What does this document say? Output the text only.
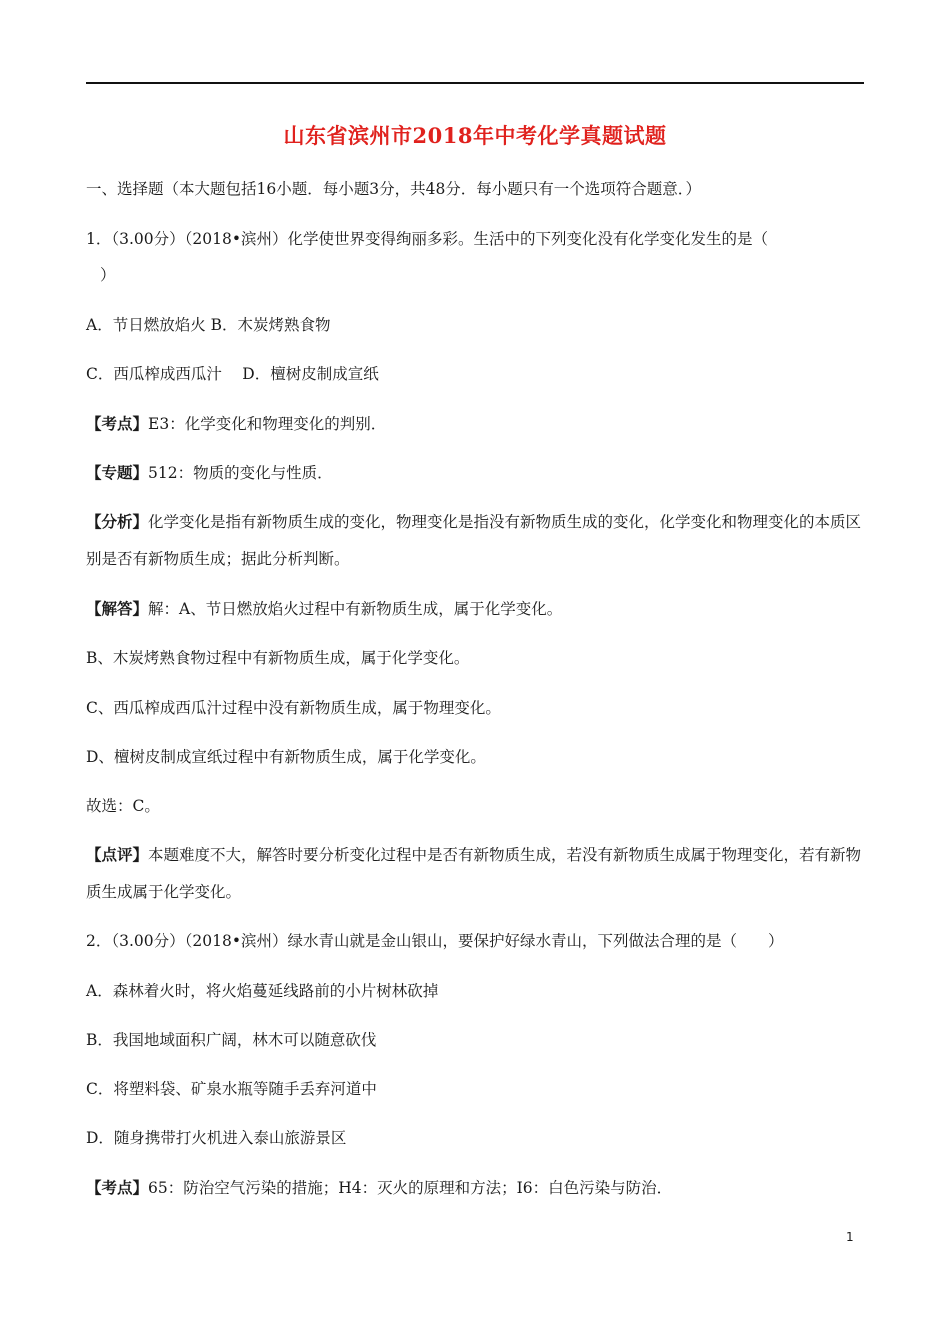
山东省滨州市2018年中考化学真题试题
一、选择题（本大题包括16小题．每小题3分，共48分．每小题只有一个选项符合题意．）
1．（3.00分）（2018•滨州）化学使世界变得绚丽多彩。生活中的下列变化没有化学变化发生的是（
）
A．节日燃放焰火 B．木炭烤熟食物
C．西瓜榨成西瓜汁　 D．檀树皮制成宣纸
【考点】E3：化学变化和物理变化的判别．
【专题】512：物质的变化与性质．
【分析】化学变化是指有新物质生成的变化，物理变化是指没有新物质生成的变化，化学变化和物理变化的本质区别是否有新物质生成；据此分析判断。
【解答】解：A、节日燃放焰火过程中有新物质生成，属于化学变化。
B、木炭烤熟食物过程中有新物质生成，属于化学变化。
C、西瓜榨成西瓜汁过程中没有新物质生成，属于物理变化。
D、檀树皮制成宣纸过程中有新物质生成，属于化学变化。
故选：C。
【点评】本题难度不大，解答时要分析变化过程中是否有新物质生成，若没有新物质生成属于物理变化，若有新物质生成属于化学变化。
2．（3.00分）（2018•滨州）绿水青山就是金山银山，要保护好绿水青山，下列做法合理的是（　　）
A．森林着火时，将火焰蔓延线路前的小片树林砍掉
B．我国地域面积广阔，林木可以随意砍伐
C．将塑料袋、矿泉水瓶等随手丢弃河道中
D．随身携带打火机进入泰山旅游景区
【考点】65：防治空气污染的措施；H4：灭火的原理和方法；I6：白色污染与防治．
1
